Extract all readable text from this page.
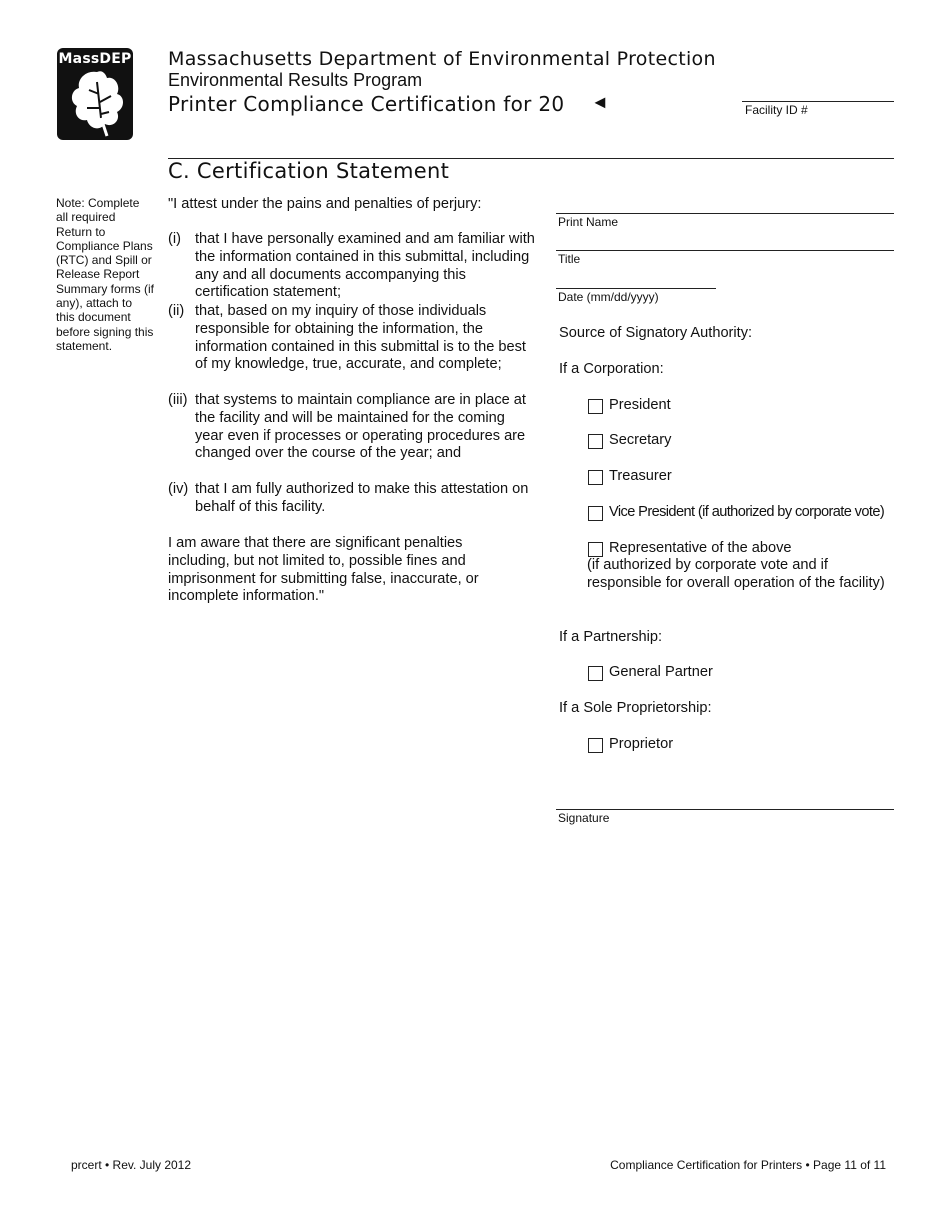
MassDEP Massachusetts Department of Environmental Protection
Environmental Results Program
Printer Compliance Certification for 20 ◄	Facility ID #
C. Certification Statement
Note: Complete all required Return to Compliance Plans (RTC) and Spill or Release Report Summary forms (if any), attach to this document before signing this statement.
"I attest under the pains and penalties of perjury:
(i) that I have personally examined and am familiar with the information contained in this submittal, including any and all documents accompanying this certification statement;
(ii) that, based on my inquiry of those individuals responsible for obtaining the information, the information contained in this submittal is to the best of my knowledge, true, accurate, and complete;
(iii) that systems to maintain compliance are in place at the facility and will be maintained for the coming year even if processes or operating procedures are changed over the course of the year; and
(iv) that I am fully authorized to make this attestation on behalf of this facility.
I am aware that there are significant penalties including, but not limited to, possible fines and imprisonment for submitting false, inaccurate, or incomplete information."
Print Name
Title
Date (mm/dd/yyyy)
Source of Signatory Authority:
If a Corporation:
President
Secretary
Treasurer
Vice President (if authorized by corporate vote)
Representative of the above
(if authorized by corporate vote and if responsible for overall operation of the facility)
If a Partnership:
General Partner
If a Sole Proprietorship:
Proprietor
Signature
prcert • Rev. July 2012	Compliance Certification for Printers • Page 11 of 11
